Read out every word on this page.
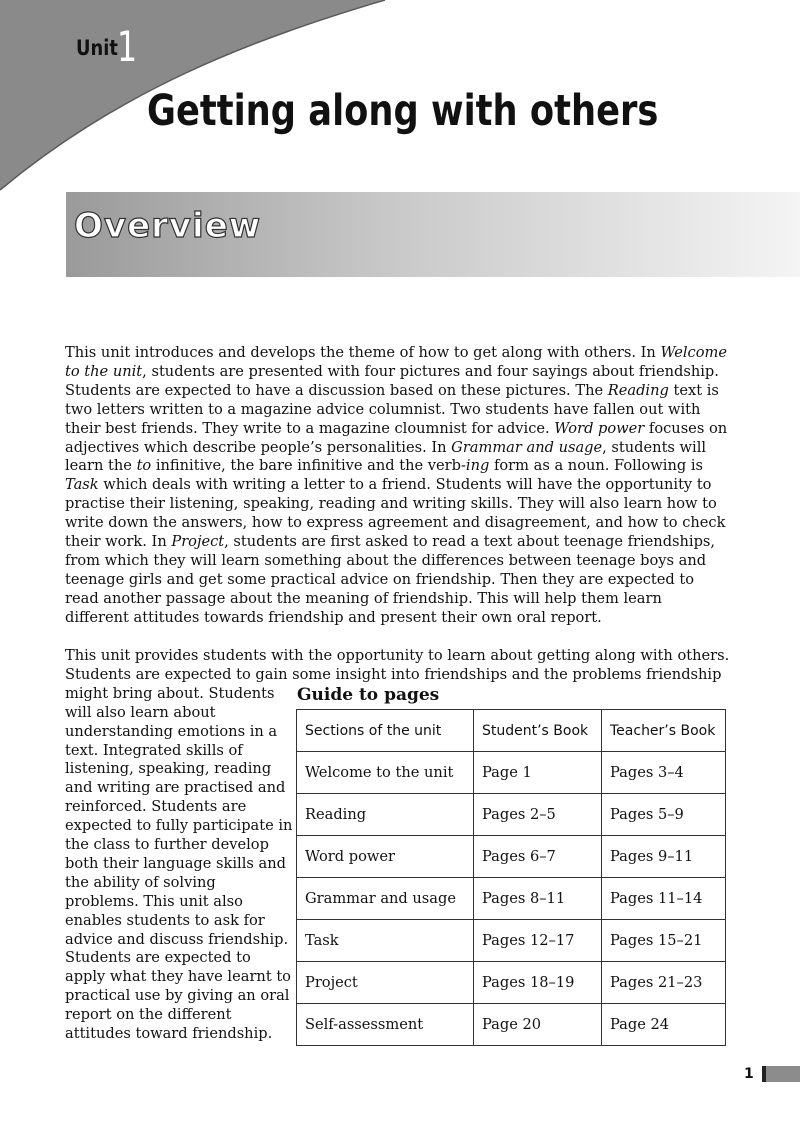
Unit 1
Getting along with others
Overview

This unit introduces and develops the theme of how to get along with others. In Welcome to the unit, students are presented with four pictures and four sayings about friendship. Students are expected to have a discussion based on these pictures. The Reading text is two letters written to a magazine advice columnist. Two students have fallen out with their best friends. They write to a magazine cloumnist for advice. Word power focuses on adjectives which describe people’s personalities. In Grammar and usage, students will learn the to infinitive, the bare infinitive and the verb-ing form as a noun. Following is Task which deals with writing a letter to a friend. Students will have the opportunity to practise their listening, speaking, reading and writing skills. They will also learn how to write down the answers, how to express agreement and disagreement, and how to check their work. In Project, students are first asked to read a text about teenage friendships, from which they will learn something about the differences between teenage boys and teenage girls and get some practical advice on friendship. Then they are expected to read another passage about the meaning of friendship. This will help them learn different attitudes towards friendship and present their own oral report.

This unit provides students with the opportunity to learn about getting along with others. Students are expected to gain some insight into friendships and the problems friendship
might bring about. Students will also learn about understanding emotions in a text. Integrated skills of listening, speaking, reading and writing are practised and reinforced. Students are expected to fully participate in the class to further develop both their language skills and the ability of solving problems. This unit also enables students to ask for advice and discuss friendship. Students are expected to apply what they have learnt to practical use by giving an oral report on the different attitudes toward friendship.
Guide to pages
Sections of the unit	Student’s Book	Teacher’s Book
Welcome to the unit	Page 1	Pages 3–4
Reading	Pages 2–5	Pages 5–9
Word power	Pages 6–7	Pages 9–11
Grammar and usage	Pages 8–11	Pages 11–14
Task	Pages 12–17	Pages 15–21
Project	Pages 18–19	Pages 21–23
Self-assessment	Page 20	Page 24
1
